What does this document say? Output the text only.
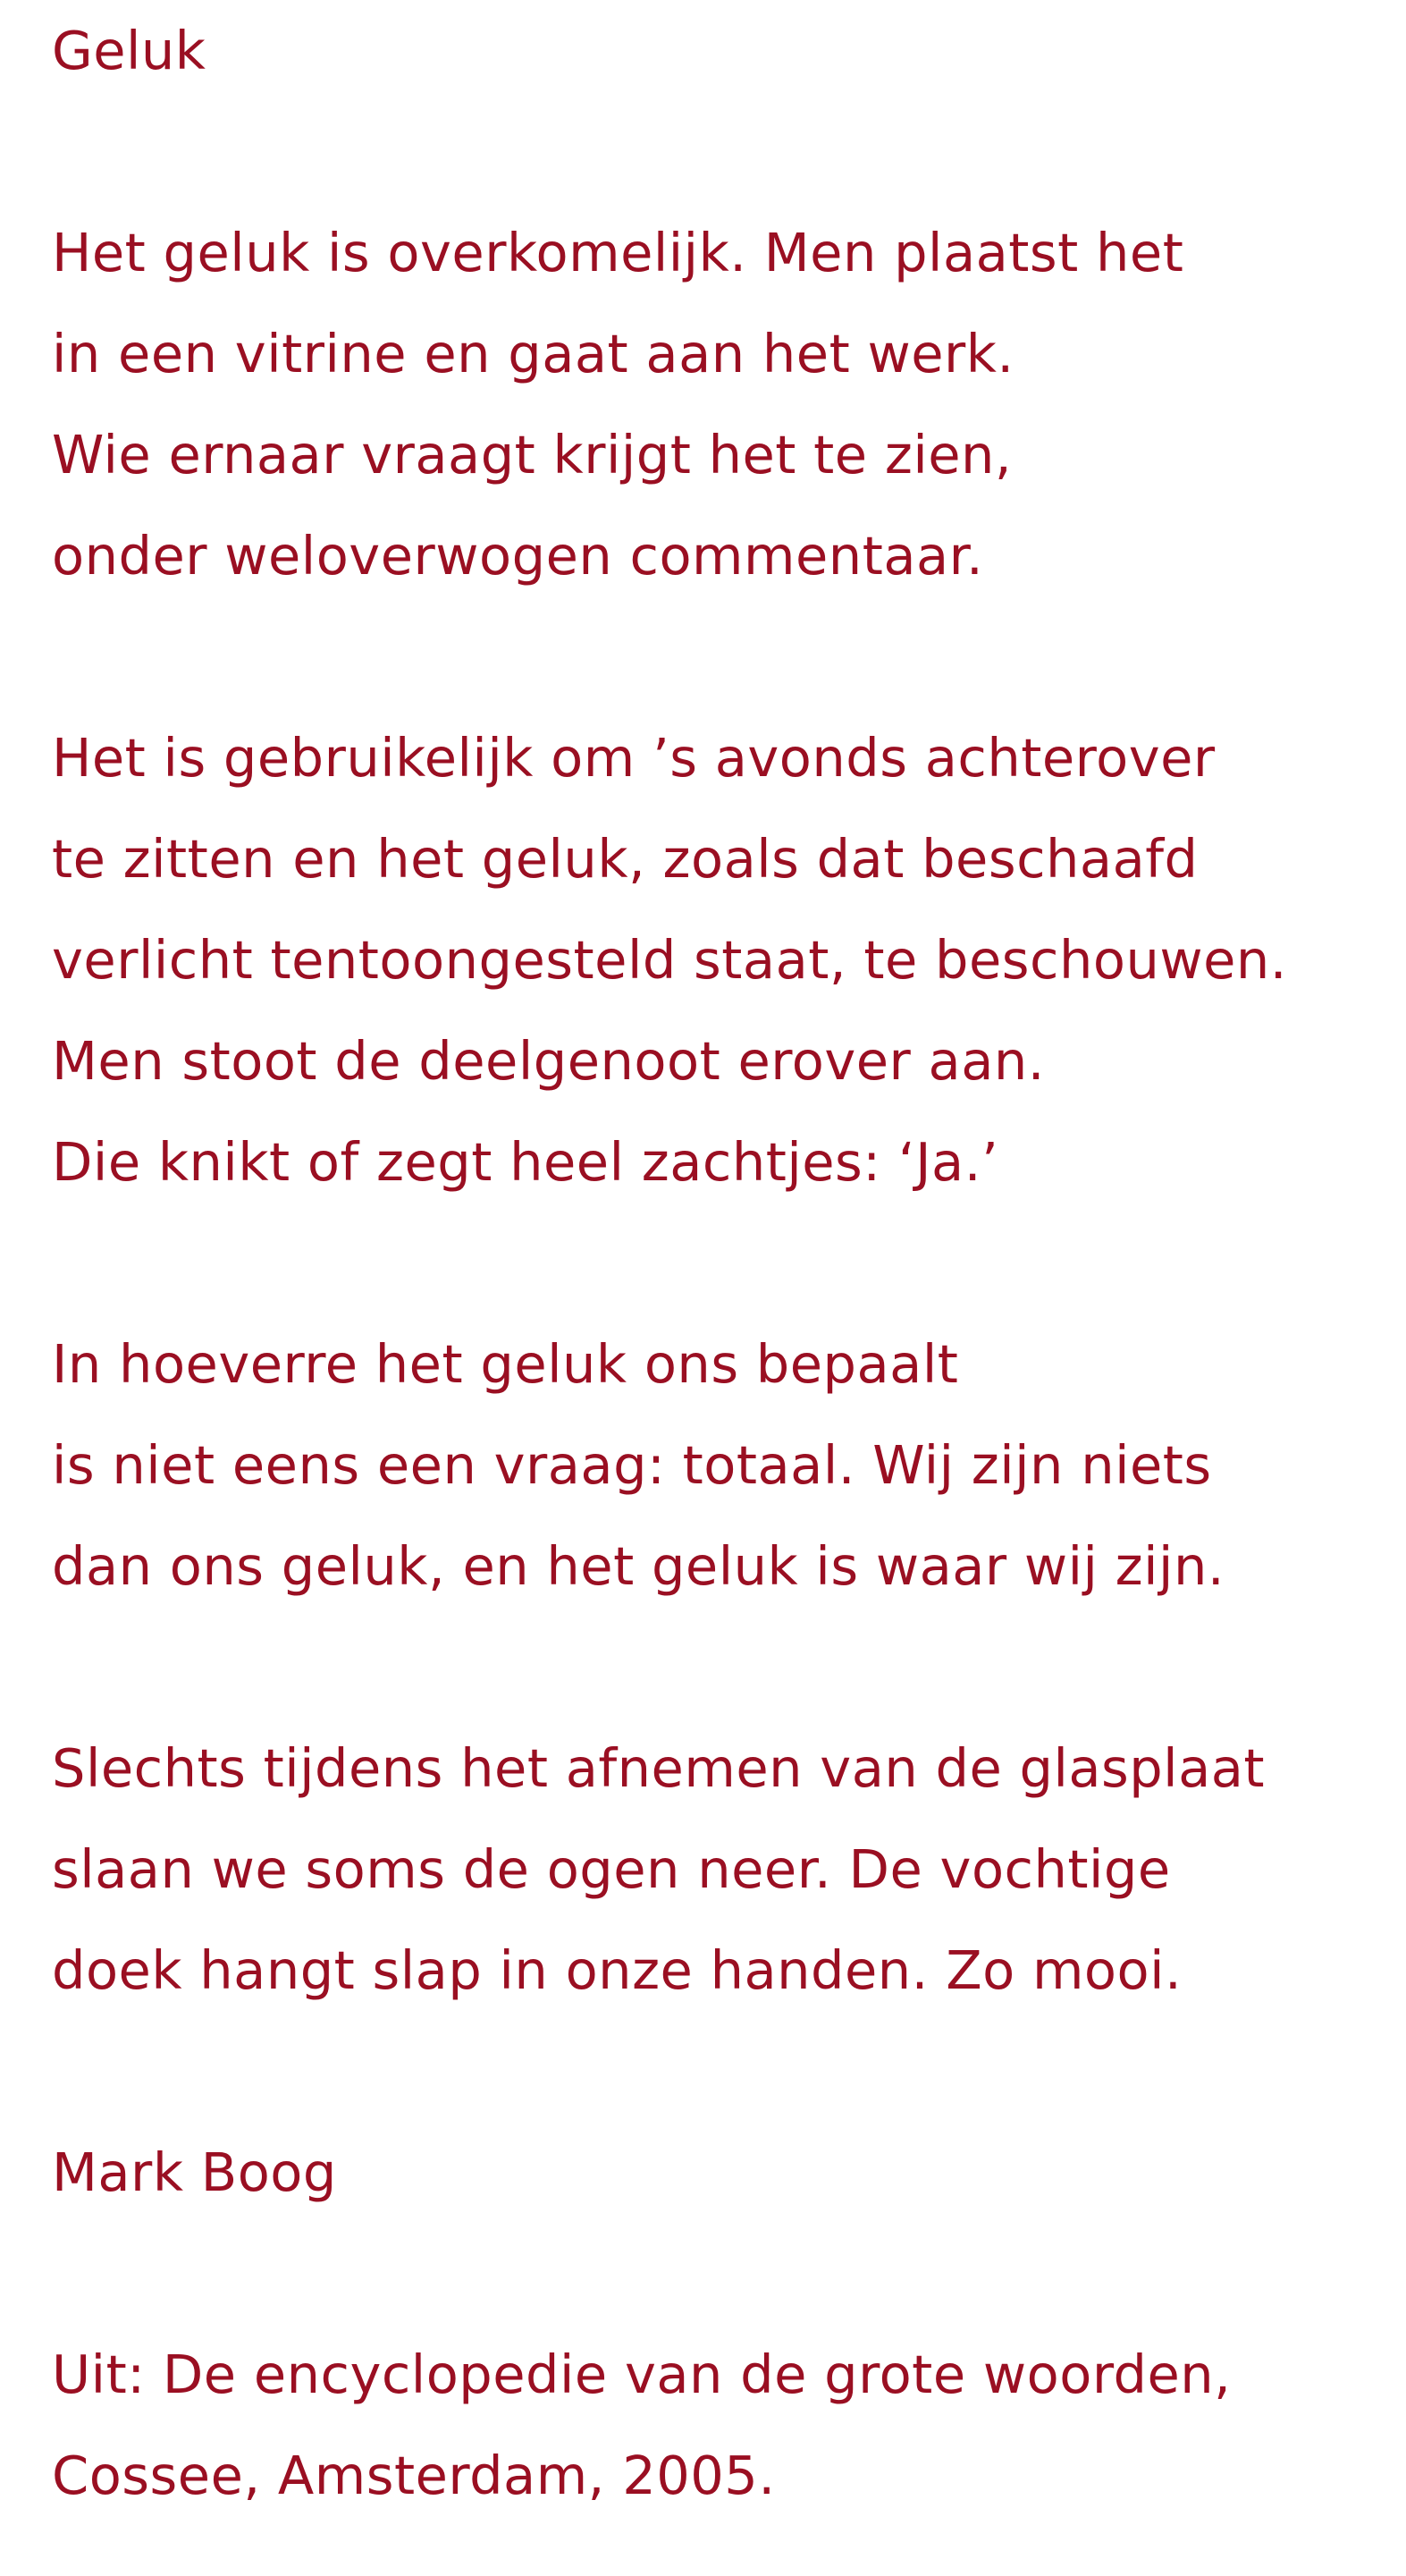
Geluk
Het geluk is overkomelijk. Men plaatst het
in een vitrine en gaat aan het werk.
Wie ernaar vraagt krijgt het te zien,
onder weloverwogen commentaar.
Het is gebruikelijk om ’s avonds achterover
te zitten en het geluk, zoals dat beschaafd
verlicht tentoongesteld staat, te beschouwen.
Men stoot de deelgenoot erover aan.
Die knikt of zegt heel zachtjes: ‘Ja.’
In hoeverre het geluk ons bepaalt
is niet eens een vraag: totaal. Wij zijn niets
dan ons geluk, en het geluk is waar wij zijn.
Slechts tijdens het afnemen van de glasplaat
slaan we soms de ogen neer. De vochtige
doek hangt slap in onze handen. Zo mooi.
Mark Boog
Uit: De encyclopedie van de grote woorden,
Cossee, Amsterdam, 2005.
